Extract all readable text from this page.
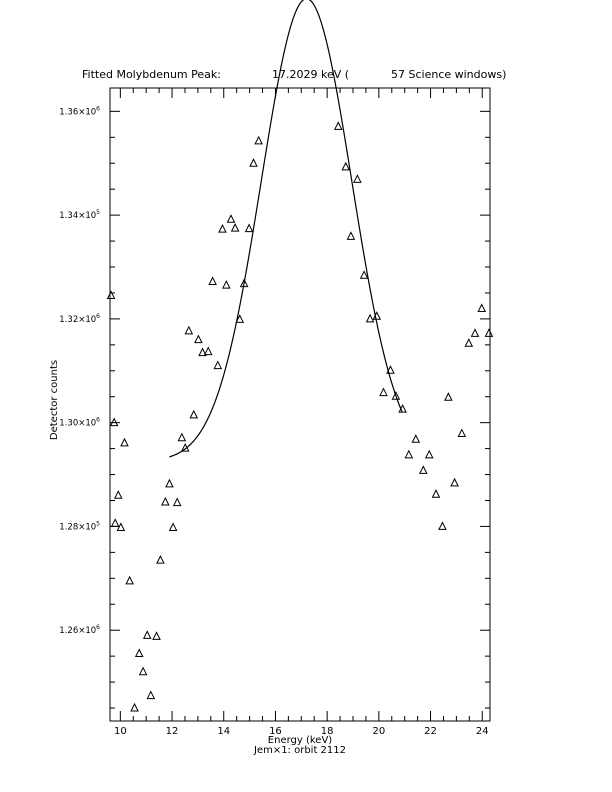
Fitted Molybdenum Peak:

	17.2029 keV (

	57 Science windows)

10	12	14	16	18	20	22	24
$1.26\times 10^6$
$1.28\times 10^5$
$1.30\times 10^6$
$1.32\times 10^6$
$1.34\times 10^5$
$1.36\times 10^6$
Energy (keV)
Jem×1: orbit 2112
Detector counts
